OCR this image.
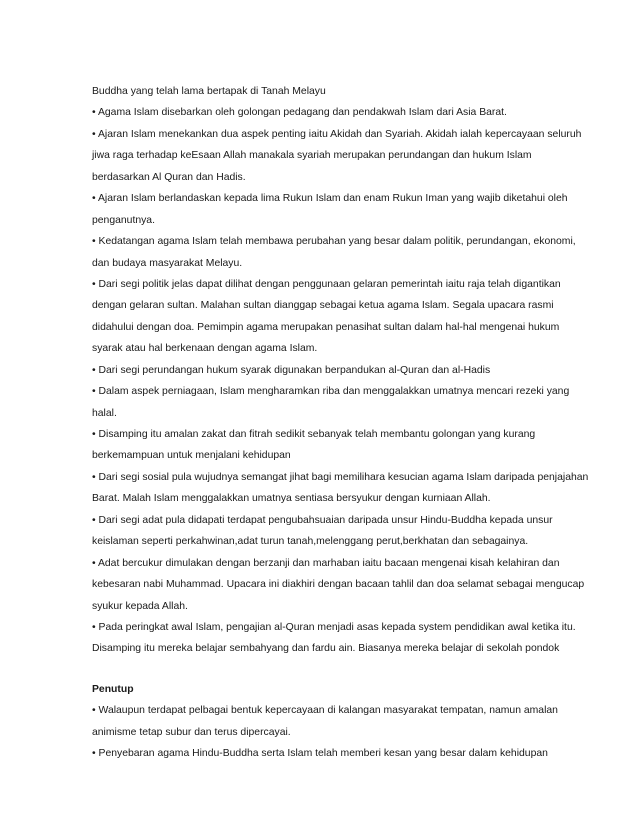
Buddha yang telah lama bertapak di Tanah Melayu
• Agama Islam disebarkan oleh golongan pedagang dan pendakwah Islam dari Asia Barat.
• Ajaran Islam menekankan dua aspek penting iaitu Akidah dan Syariah. Akidah ialah kepercayaan seluruh
jiwa raga terhadap keEsaan Allah manakala syariah merupakan perundangan dan hukum Islam
berdasarkan Al Quran dan Hadis.
• Ajaran Islam berlandaskan kepada lima Rukun Islam dan enam Rukun Iman yang wajib diketahui oleh
penganutnya.
• Kedatangan agama Islam telah membawa perubahan yang besar dalam politik, perundangan, ekonomi,
dan budaya masyarakat Melayu.
• Dari segi politik jelas dapat dilihat dengan penggunaan gelaran pemerintah iaitu raja telah digantikan
dengan gelaran sultan. Malahan sultan dianggap sebagai ketua agama Islam. Segala upacara rasmi
didahului dengan doa. Pemimpin agama merupakan penasihat sultan dalam hal-hal mengenai hukum
syarak atau hal berkenaan dengan agama Islam.
• Dari segi perundangan hukum syarak digunakan berpandukan al-Quran dan al-Hadis
• Dalam aspek perniagaan, Islam mengharamkan riba dan menggalakkan umatnya mencari rezeki yang
halal.
• Disamping itu amalan zakat dan fitrah sedikit sebanyak telah membantu golongan yang kurang
berkemampuan untuk menjalani kehidupan
• Dari segi sosial pula wujudnya semangat jihat bagi memilihara kesucian agama Islam daripada penjajahan
Barat. Malah Islam menggalakkan umatnya sentiasa bersyukur dengan kurniaan Allah.
• Dari segi adat pula didapati terdapat pengubahsuaian daripada unsur Hindu-Buddha kepada unsur
keislaman seperti perkahwinan,adat turun tanah,melenggang perut,berkhatan dan sebagainya.
• Adat bercukur dimulakan dengan berzanji dan marhaban iaitu bacaan mengenai kisah kelahiran dan
kebesaran nabi Muhammad. Upacara ini diakhiri dengan bacaan tahlil dan doa selamat sebagai mengucap
syukur kepada Allah.
• Pada peringkat awal Islam, pengajian al-Quran menjadi asas kepada system pendidikan awal ketika itu.
Disamping itu mereka belajar sembahyang dan fardu ain. Biasanya mereka belajar di sekolah pondok
Penutup
• Walaupun terdapat pelbagai bentuk kepercayaan di kalangan masyarakat tempatan, namun amalan
animisme tetap subur dan terus dipercayai.
• Penyebaran agama Hindu-Buddha serta Islam telah memberi kesan yang besar dalam kehidupan
